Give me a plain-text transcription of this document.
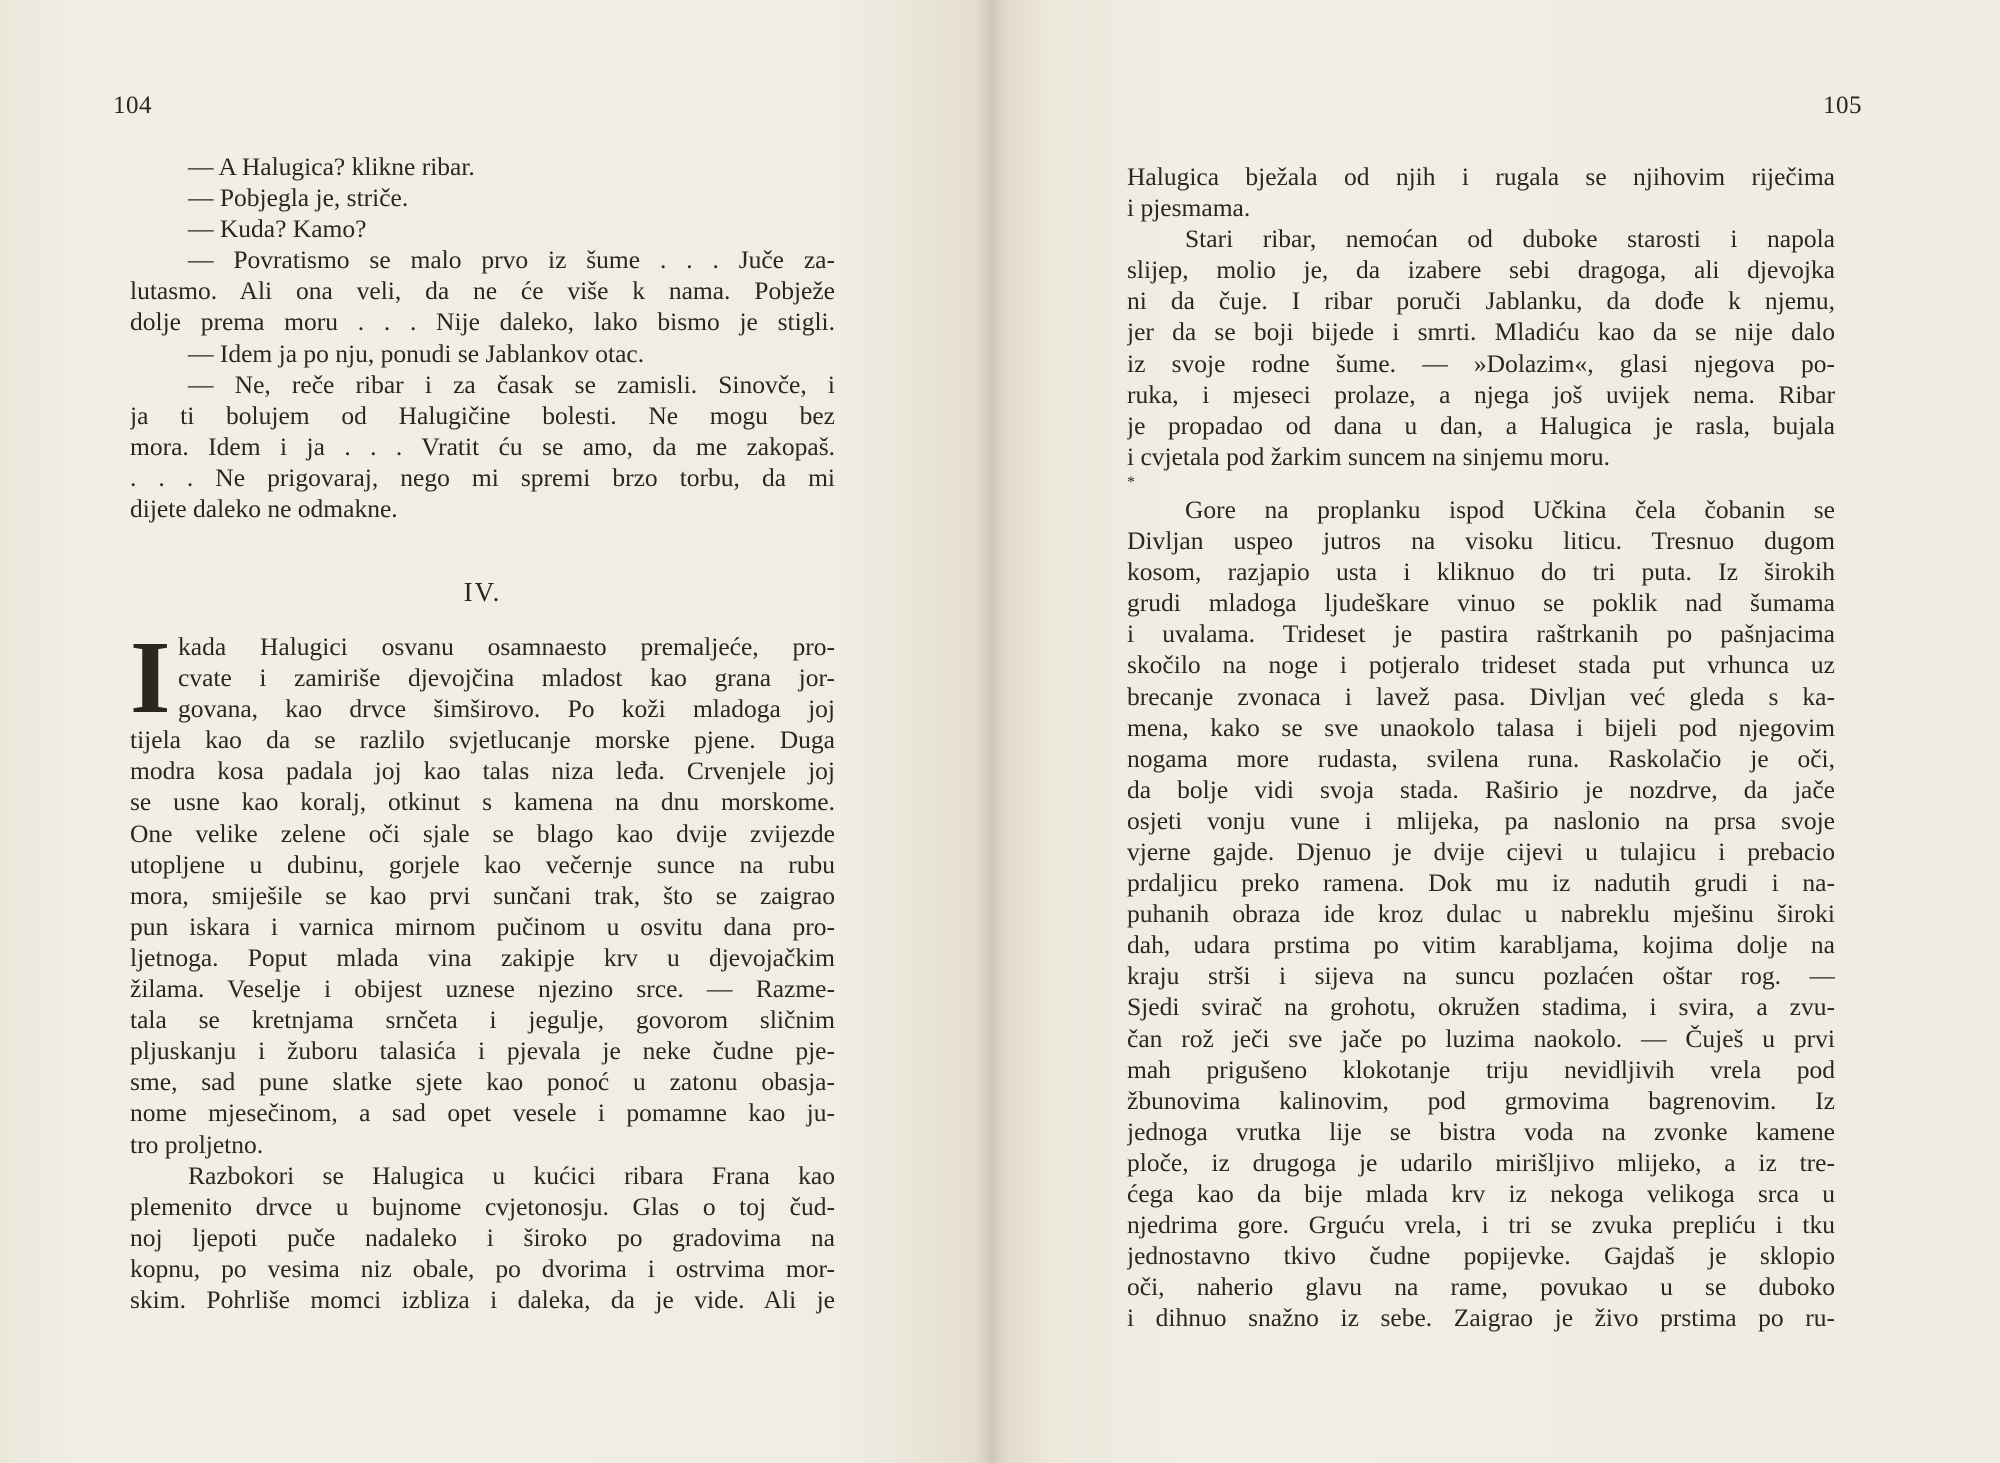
104
— A Halugica? klikne ribar.
— Pobjegla je, striče.
— Kuda? Kamo?
— Povratismo se malo prvo iz šume . . . Juče za-
lutasmo. Ali ona veli, da ne će više k nama. Pobježe
dolje prema moru . . . Nije daleko, lako bismo je stigli.
— Idem ja po nju, ponudi se Jablankov otac.
— Ne, reče ribar i za časak se zamisli. Sinovče, i
ja ti bolujem od Halugičine bolesti. Ne mogu bez
mora. Idem i ja . . . Vratit ću se amo, da me zakopaš.
. . . Ne prigovaraj, nego mi spremi brzo torbu, da mi
dijete daleko ne odmakne.
IV.
I kada Halugici osvanu osamnaesto premaljeće, pro-
cvate i zamiriše djevojčina mladost kao grana jor-
govana, kao drvce šimširovo. Po koži mladoga joj
tijela kao da se razlilo svjetlucanje morske pjene. Duga
modra kosa padala joj kao talas niza leđa. Crvenjele joj
se usne kao koralj, otkinut s kamena na dnu morskome.
One velike zelene oči sjale se blago kao dvije zvijezde
utopljene u dubinu, gorjele kao večernje sunce na rubu
mora, smiješile se kao prvi sunčani trak, što se zaigrao
pun iskara i varnica mirnom pučinom u osvitu dana pro-
ljetnoga. Poput mlada vina zakipje krv u djevojačkim
žilama. Veselje i obijest uznese njezino srce. — Razme-
tala se kretnjama srnčeta i jegulje, govorom sličnim
pljuskanju i žuboru talasića i pjevala je neke čudne pje-
sme, sad pune slatke sjete kao ponoć u zatonu obasja-
nome mjesečinom, a sad opet vesele i pomamne kao ju-
tro proljetno.
Razbokori se Halugica u kućici ribara Frana kao
plemenito drvce u bujnome cvjetonosju. Glas o toj čud-
noj ljepoti puče nadaleko i široko po gradovima na
kopnu, po vesima niz obale, po dvorima i ostrvima mor-
skim. Pohrliše momci izbliza i daleka, da je vide. Ali je
105
Halugica bježala od njih i rugala se njihovim riječima
i pjesmama.
Stari ribar, nemoćan od duboke starosti i napola
slijep, molio je, da izabere sebi dragoga, ali djevojka
ni da čuje. I ribar poruči Jablanku, da dođe k njemu,
jer da se boji bijede i smrti. Mladiću kao da se nije dalo
iz svoje rodne šume. — »Dolazim«, glasi njegova po-
ruka, i mjeseci prolaze, a njega još uvijek nema. Ribar
je propadao od dana u dan, a Halugica je rasla, bujala
i cvjetala pod žarkim suncem na sinjemu moru.
*
Gore na proplanku ispod Učkina čela čobanin se
Divljan uspeo jutros na visoku liticu. Tresnuo dugom
kosom, razjapio usta i kliknuo do tri puta. Iz širokih
grudi mladoga ljudeškare vinuo se poklik nad šumama
i uvalama. Trideset je pastira raštrkanih po pašnjacima
skočilo na noge i potjeralo trideset stada put vrhunca uz
brecanje zvonaca i lavež pasa. Divljan već gleda s ka-
mena, kako se sve unaokolo talasa i bijeli pod njegovim
nogama more rudasta, svilena runa. Raskolačio je oči,
da bolje vidi svoja stada. Raširio je nozdrve, da jače
osjeti vonju vune i mlijeka, pa naslonio na prsa svoje
vjerne gajde. Djenuo je dvije cijevi u tulajicu i prebacio
prdaljicu preko ramena. Dok mu iz nadutih grudi i na-
puhanih obraza ide kroz dulac u nabreklu mješinu široki
dah, udara prstima po vitim karabljama, kojima dolje na
kraju strši i sijeva na suncu pozlaćen oštar rog. —
Sjedi svirač na grohotu, okružen stadima, i svira, a zvu-
čan rož ječi sve jače po luzima naokolo. — Čuješ u prvi
mah prigušeno klokotanje triju nevidljivih vrela pod
žbunovima kalinovim, pod grmovima bagrenovim. Iz
jednoga vrutka lije se bistra voda na zvonke kamene
ploče, iz drugoga je udarilo mirišljivo mlijeko, a iz tre-
ćega kao da bije mlada krv iz nekoga velikoga srca u
njedrima gore. Grguću vrela, i tri se zvuka prepliću i tku
jednostavno tkivo čudne popijevke. Gajdaš je sklopio
oči, naherio glavu na rame, povukao u se duboko
i dihnuo snažno iz sebe. Zaigrao je živo prstima po ru-
